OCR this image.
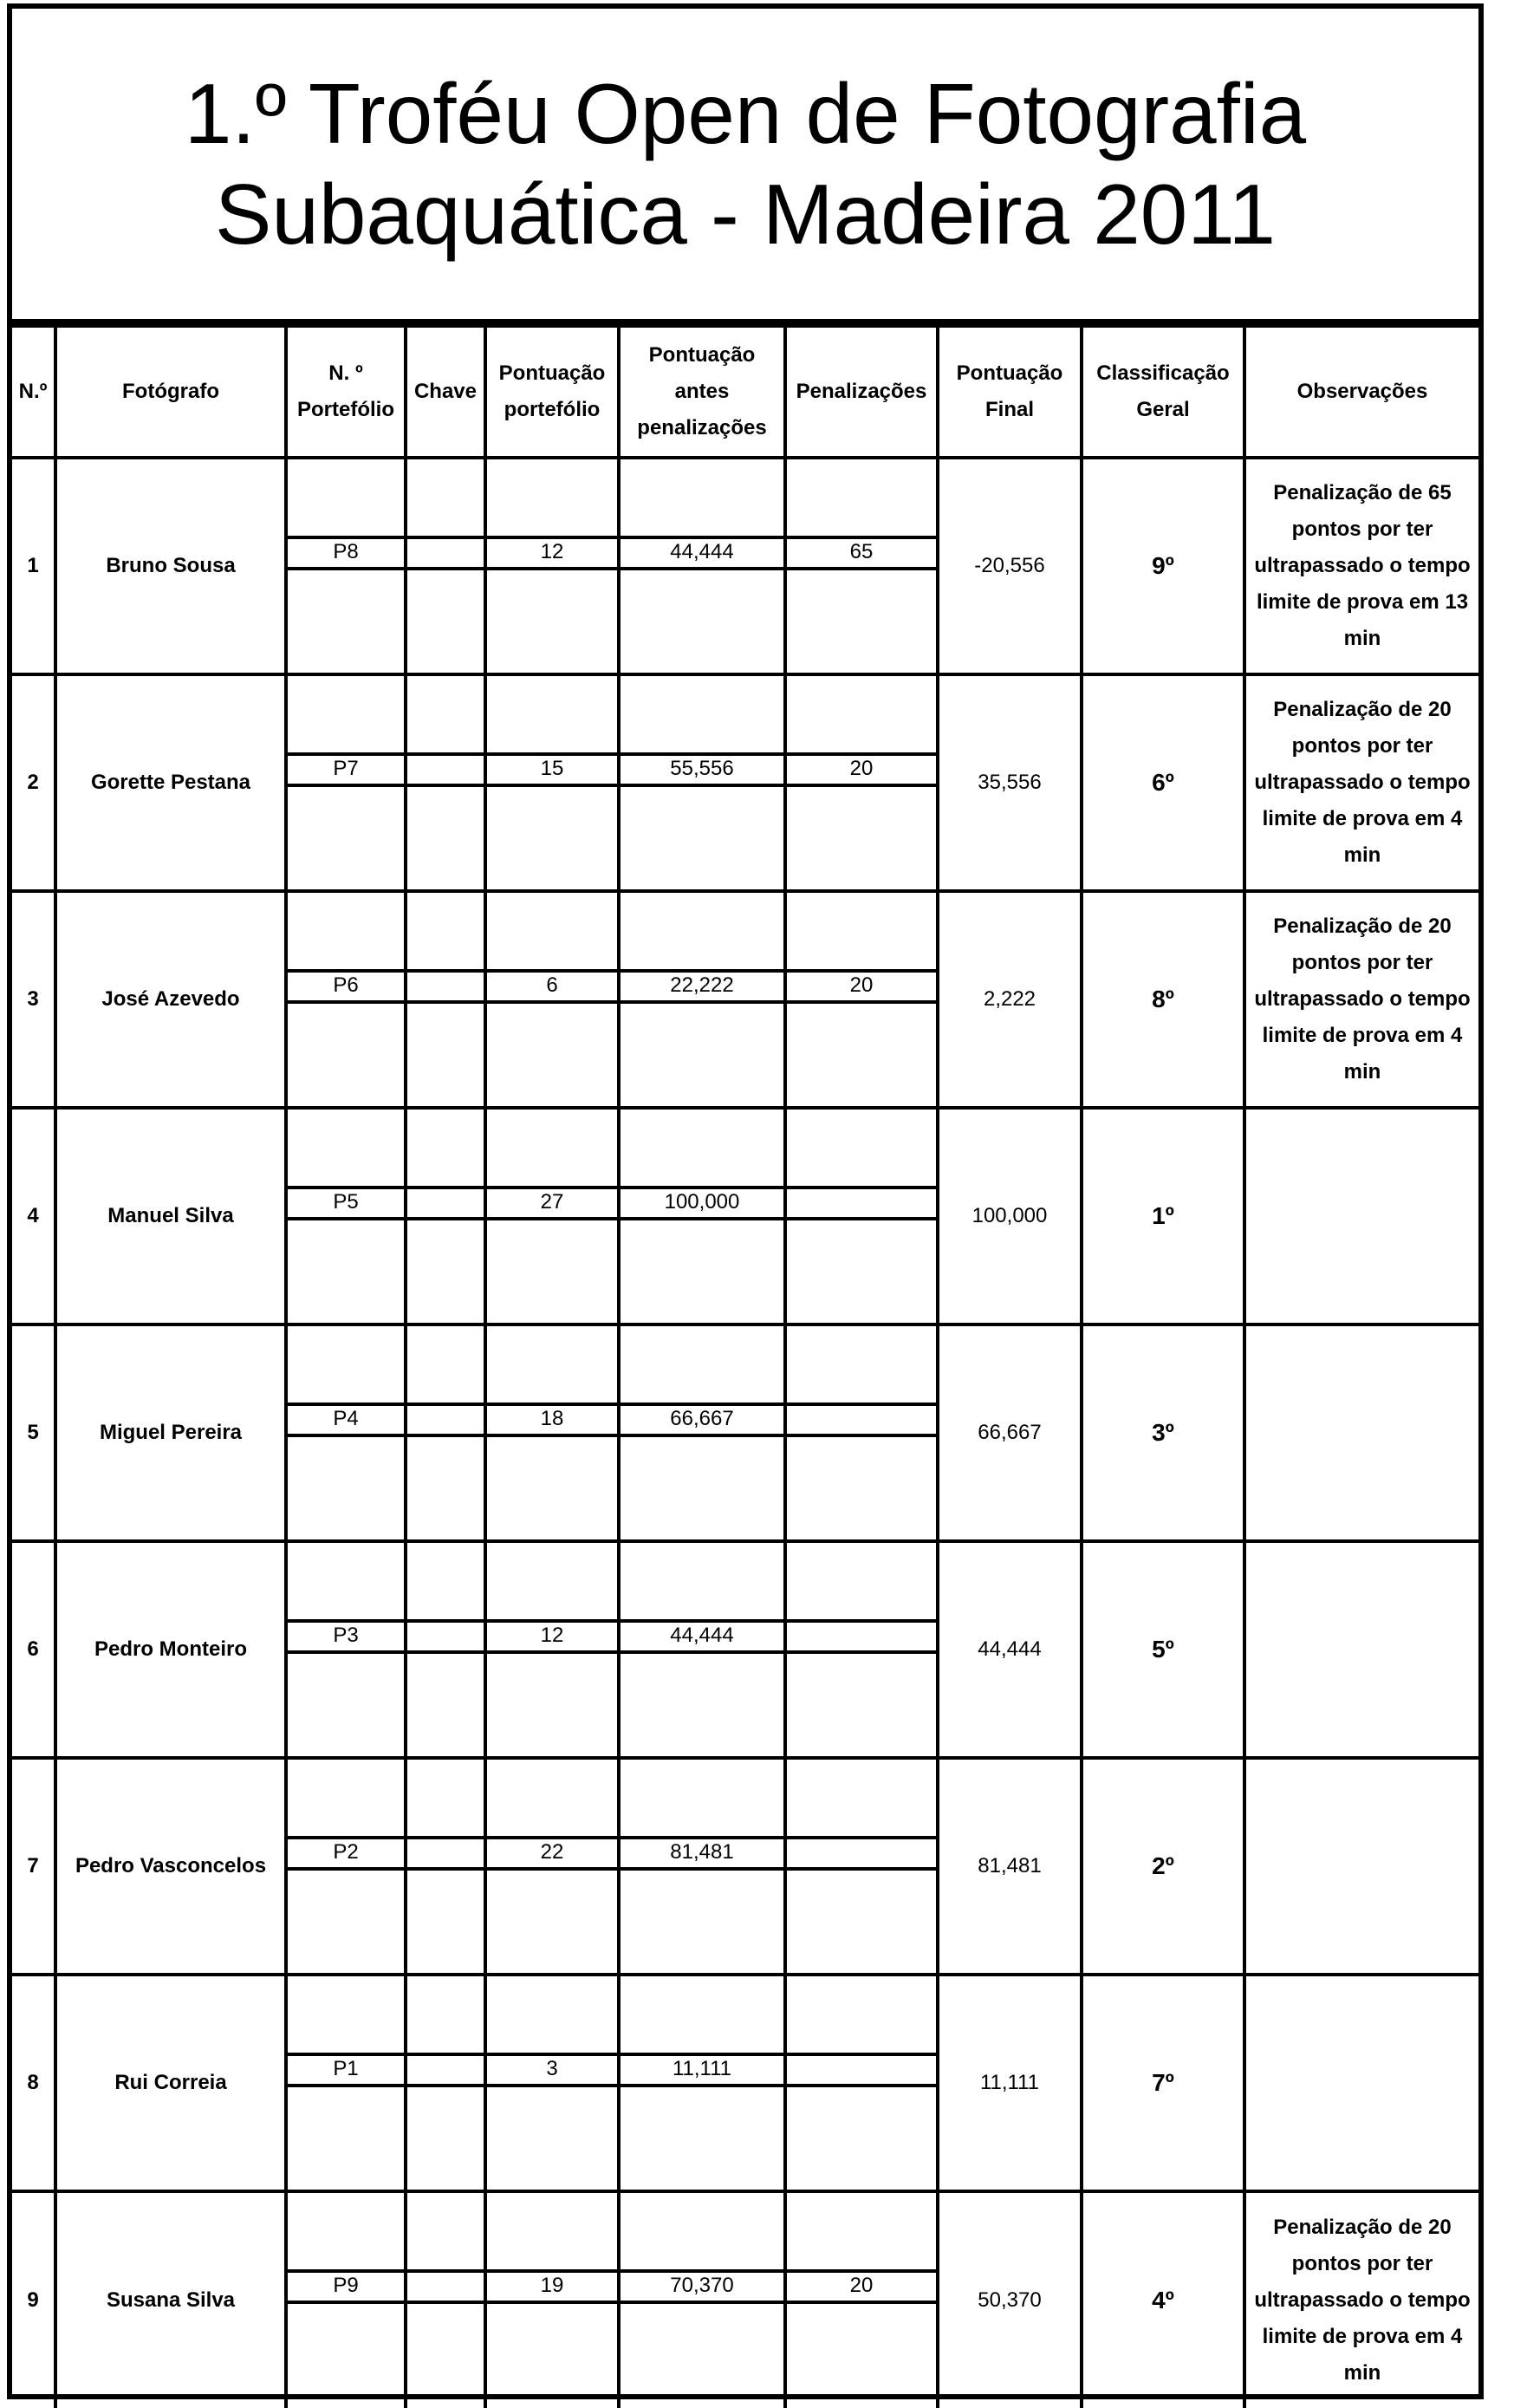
1.º Troféu Open de Fotografia
Subaquática - Madeira 2011
N.º	Fotógrafo	N. º Portefólio	Chave	Pontuação portefólio	Pontuação antes penalizações	Penalizações	Pontuação Final	Classificação Geral	Observações
1	Bruno Sousa	P8		12	44,444	65	-20,556	9º	Penalização de 65 pontos por ter ultrapassado o tempo limite de prova em 13 min
2	Gorette Pestana	P7		15	55,556	20	35,556	6º	Penalização de 20 pontos por ter ultrapassado o tempo limite de prova em 4 min
3	José Azevedo	P6		6	22,222	20	2,222	8º	Penalização de 20 pontos por ter ultrapassado o tempo limite de prova em 4 min
4	Manuel Silva	P5		27	100,000		100,000	1º	
5	Miguel Pereira	P4		18	66,667		66,667	3º	
6	Pedro Monteiro	P3		12	44,444		44,444	5º	
7	Pedro Vasconcelos	P2		22	81,481		81,481	2º	
8	Rui Correia	P1		3	11,111		11,111	7º	
9	Susana Silva	P9		19	70,370	20	50,370	4º	Penalização de 20 pontos por ter ultrapassado o tempo limite de prova em 4 min
